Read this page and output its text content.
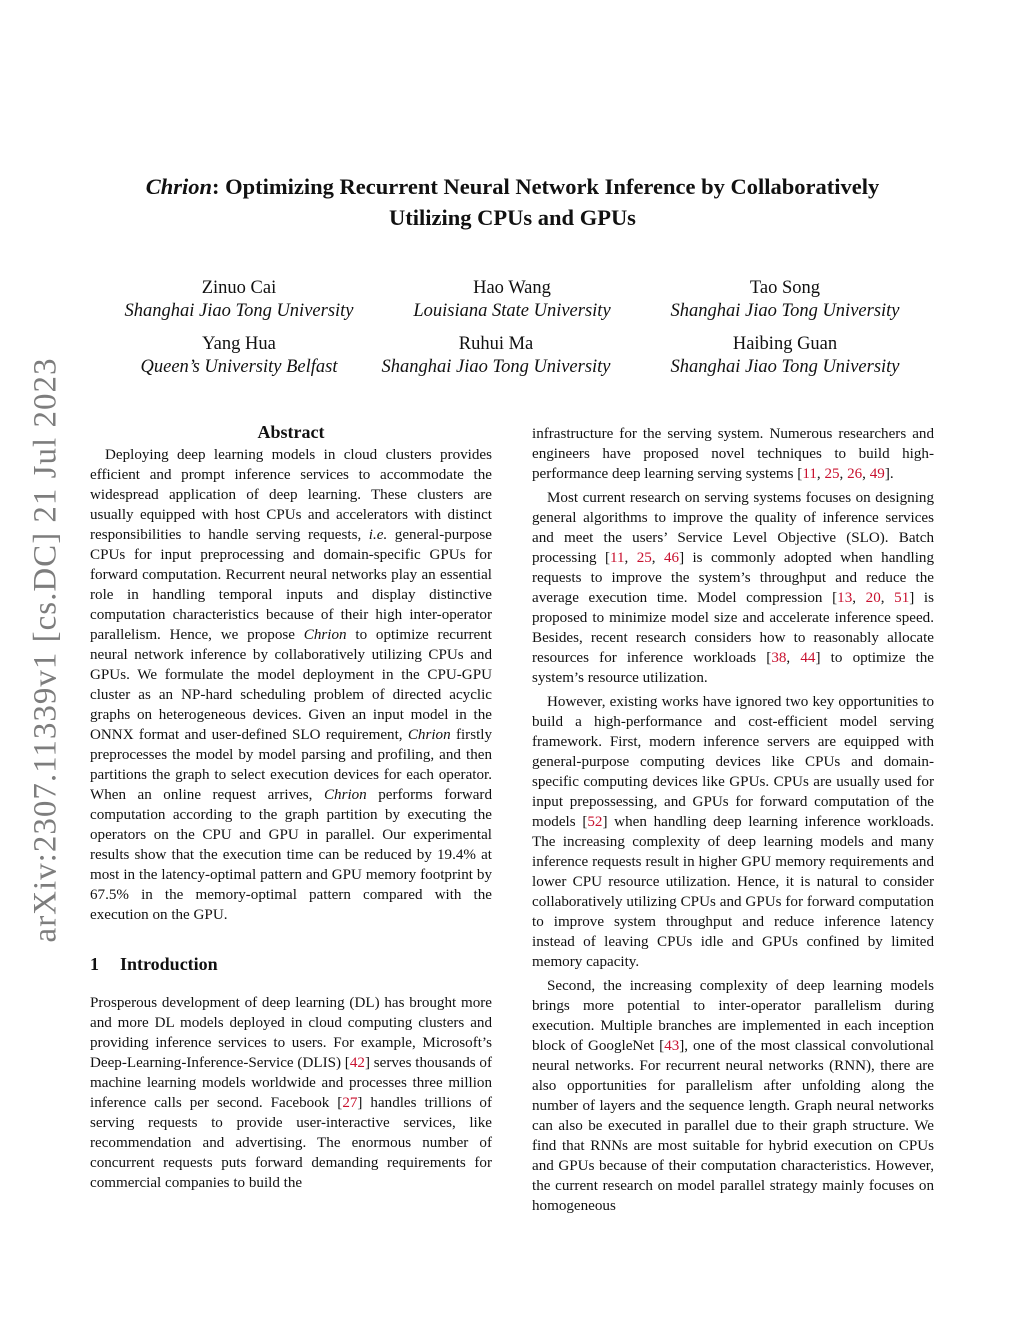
arXiv:2307.11339v1 [cs.DC] 21 Jul 2023
Chrion: Optimizing Recurrent Neural Network Inference by Collaboratively Utilizing CPUs and GPUs
Zinuo Cai
Shanghai Jiao Tong University
Hao Wang
Louisiana State University
Tao Song
Shanghai Jiao Tong University
Yang Hua
Queen’s University Belfast
Ruhui Ma
Shanghai Jiao Tong University
Haibing Guan
Shanghai Jiao Tong University
Abstract

Deploying deep learning models in cloud clusters provides efficient and prompt inference services to accommodate the widespread application of deep learning. These clusters are usually equipped with host CPUs and accelerators with distinct responsibilities to handle serving requests, i.e. general-purpose CPUs for input preprocessing and domain-specific GPUs for forward computation. Recurrent neural networks play an essential role in handling temporal inputs and display distinctive computation characteristics because of their high inter-operator parallelism. Hence, we propose Chrion to optimize recurrent neural network inference by collaboratively utilizing CPUs and GPUs. We formulate the model deployment in the CPU-GPU cluster as an NP-hard scheduling problem of directed acyclic graphs on heterogeneous devices. Given an input model in the ONNX format and user-defined SLO requirement, Chrion firstly preprocesses the model by model parsing and profiling, and then partitions the graph to select execution devices for each operator. When an online request arrives, Chrion performs forward computation according to the graph partition by executing the operators on the CPU and GPU in parallel. Our experimental results show that the execution time can be reduced by 19.4% at most in the latency-optimal pattern and GPU memory footprint by 67.5% in the memory-optimal pattern compared with the execution on the GPU.

1 Introduction

Prosperous development of deep learning (DL) has brought more and more DL models deployed in cloud computing clusters and providing inference services to users. For example, Microsoft’s Deep-Learning-Inference-Service (DLIS) [42] serves thousands of machine learning models worldwide and processes three million inference calls per second. Facebook [27] handles trillions of serving requests to provide user-interactive services, like recommendation and advertising. The enormous number of concurrent requests puts forward demanding requirements for commercial companies to build the

infrastructure for the serving system. Numerous researchers and engineers have proposed novel techniques to build high-performance deep learning serving systems [11, 25, 26, 49].

Most current research on serving systems focuses on designing general algorithms to improve the quality of inference services and meet the users’ Service Level Objective (SLO). Batch processing [11, 25, 46] is commonly adopted when handling requests to improve the system’s throughput and reduce the average execution time. Model compression [13, 20, 51] is proposed to minimize model size and accelerate inference speed. Besides, recent research considers how to reasonably allocate resources for inference workloads [38, 44] to optimize the system’s resource utilization.

However, existing works have ignored two key opportunities to build a high-performance and cost-efficient model serving framework. First, modern inference servers are equipped with general-purpose computing devices like CPUs and domain-specific computing devices like GPUs. CPUs are usually used for input prepossessing, and GPUs for forward computation of the models [52] when handling deep learning inference workloads. The increasing complexity of deep learning models and many inference requests result in higher GPU memory requirements and lower CPU resource utilization. Hence, it is natural to consider collaboratively utilizing CPUs and GPUs for forward computation to improve system throughput and reduce inference latency instead of leaving CPUs idle and GPUs confined by limited memory capacity.

Second, the increasing complexity of deep learning models brings more potential to inter-operator parallelism during execution. Multiple branches are implemented in each inception block of GoogleNet [43], one of the most classical convolutional neural networks. For recurrent neural networks (RNN), there are also opportunities for parallelism after unfolding along the number of layers and the sequence length. Graph neural networks can also be executed in parallel due to their graph structure. We find that RNNs are most suitable for hybrid execution on CPUs and GPUs because of their computation characteristics. However, the current research on model parallel strategy mainly focuses on homogeneous
